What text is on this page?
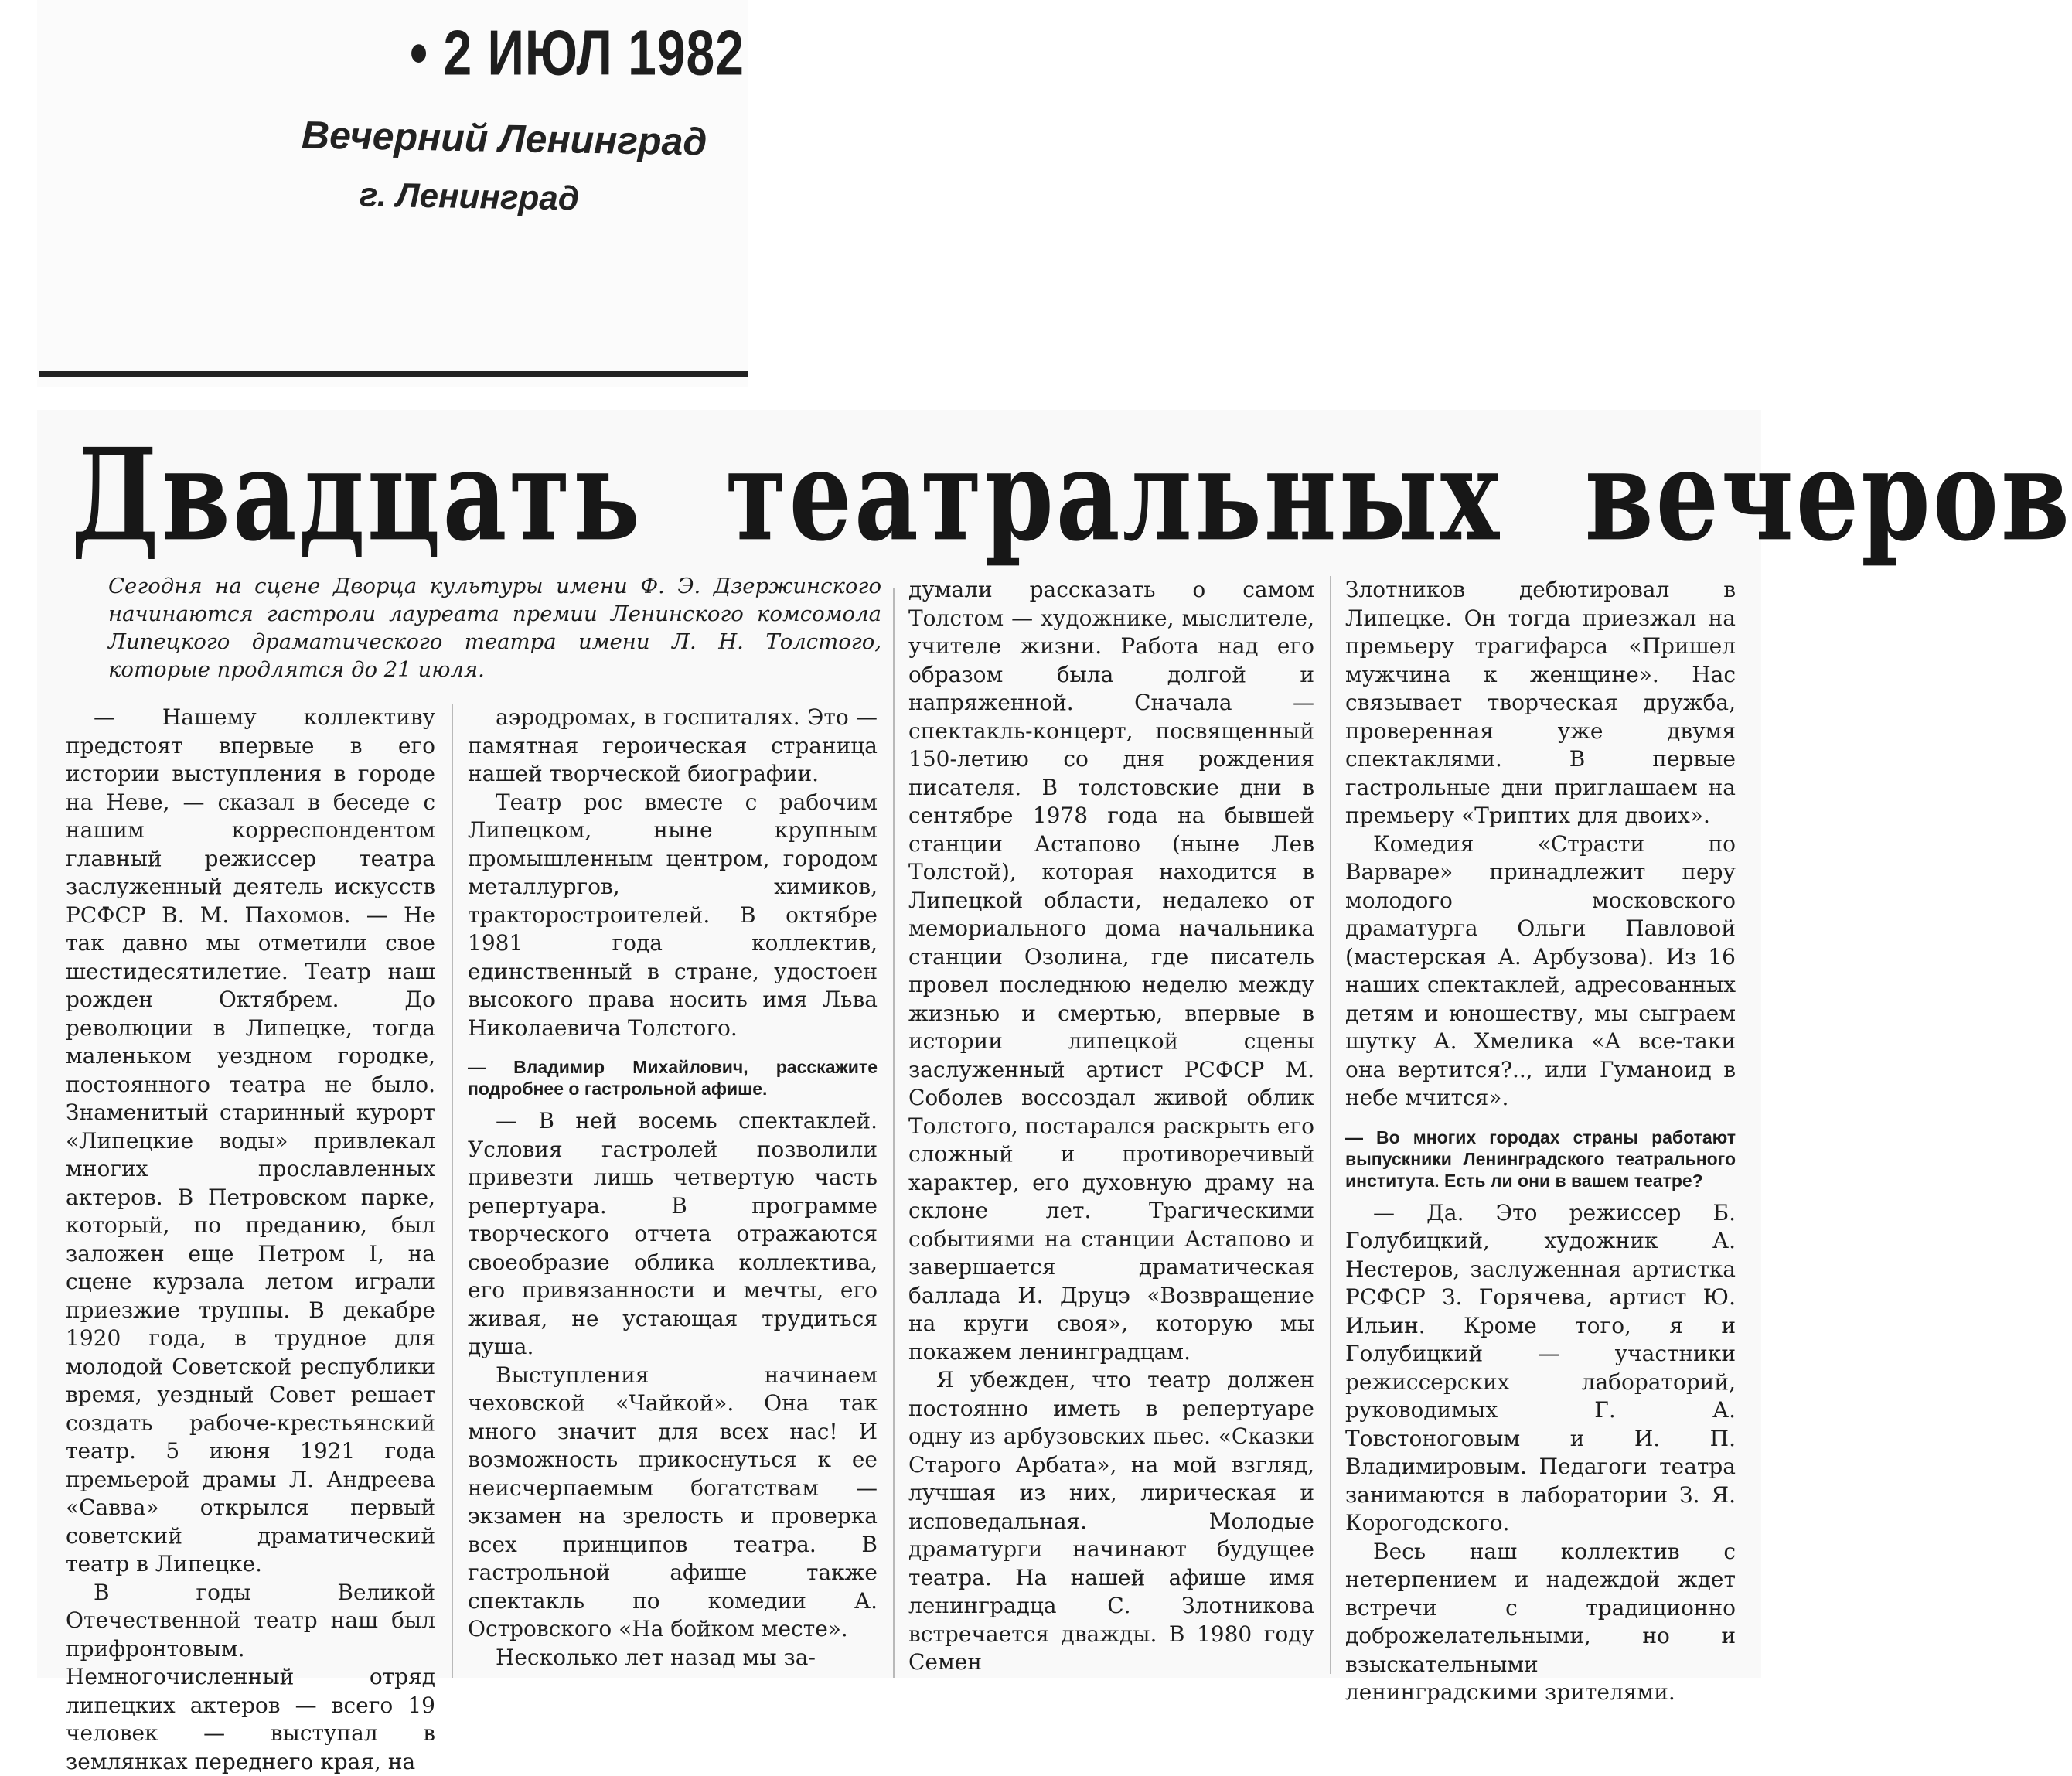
• 2 ИЮЛ 1982
Вечерний Ленинград
г. Ленинград
Двадцать театральных вечеров
Сегодня на сцене Дворца культуры имени Ф. Э. Дзержинского начинаются гастроли лауреата премии Ленинского комсомола Липецкого драматического театра имени Л. Н. Толстого, которые продлятся до 21 июля.

— Нашему коллективу предстоят впервые в его истории выступления в городе на Неве, — сказал в беседе с нашим корреспондентом главный режиссер театра заслуженный деятель искусств РСФСР В. М. Пахомов. — Не так давно мы отметили свое шестидесятилетие. Театр наш рожден Октябрем. До революции в Липецке, тогда маленьком уездном городке, постоянного театра не было. Знаменитый старинный курорт «Липецкие воды» привлекал многих прославленных актеров. В Петровском парке, который, по преданию, был заложен еще Петром I, на сцене курзала летом играли приезжие труппы. В декабре 1920 года, в трудное для молодой Советской республики время, уездный Совет решает создать рабоче-крестьянский театр. 5 июня 1921 года премьерой драмы Л. Андреева «Савва» открылся первый советский драматический театр в Липецке.

В годы Великой Отечественной театр наш был прифронтовым. Немногочисленный отряд липецких актеров — всего 19 человек — выступал в землянках переднего края, на

аэродромах, в госпиталях. Это — памятная героическая страница нашей творческой биографии.

Театр рос вместе с рабочим Липецком, ныне крупным промышленным центром, городом металлургов, химиков, тракторостроителей. В октябре 1981 года коллектив, единственный в стране, удостоен высокого права носить имя Льва Николаевича Толстого.

— Владимир Михайлович, расскажите подробнее о гастрольной афише.

— В ней восемь спектаклей. Условия гастролей позволили привезти лишь четвертую часть репертуара. В программе творческого отчета отражаются своеобразие облика коллектива, его привязанности и мечты, его живая, не устающая трудиться душа.

Выступления начинаем чеховской «Чайкой». Она так много значит для всех нас! И возможность прикоснуться к ее неисчерпаемым богатствам — экзамен на зрелость и проверка всех принципов театра. В гастрольной афише также спектакль по комедии А. Островского «На бойком месте».

Несколько лет назад мы за-

думали рассказать о самом Толстом — художнике, мыслителе, учителе жизни. Работа над его образом была долгой и напряженной. Сначала — спектакль-концерт, посвященный 150-летию со дня рождения писателя. В толстовские дни в сентябре 1978 года на бывшей станции Астапово (ныне Лев Толстой), которая находится в Липецкой области, недалеко от мемориального дома начальника станции Озолина, где писатель провел последнюю неделю между жизнью и смертью, впервые в истории липецкой сцены заслуженный артист РСФСР М. Соболев воссоздал живой облик Толстого, постарался раскрыть его сложный и противоречивый характер, его духовную драму на склоне лет. Трагическими событиями на станции Астапово и завершается драматическая баллада И. Друцэ «Возвращение на круги своя», которую мы покажем ленинградцам.

Я убежден, что театр должен постоянно иметь в репертуаре одну из арбузовских пьес. «Сказки Старого Арбата», на мой взгляд, лучшая из них, лирическая и исповедальная. Молодые драматурги начинают будущее театра. На нашей афише имя ленинградца С. Злотникова встречается дважды. В 1980 году Семен

Злотников дебютировал в Липецке. Он тогда приезжал на премьеру трагифарса «Пришел мужчина к женщине». Нас связывает творческая дружба, проверенная уже двумя спектаклями. В первые гастрольные дни приглашаем на премьеру «Триптих для двоих».

Комедия «Страсти по Варваре» принадлежит перу молодого московского драматурга Ольги Павловой (мастерская А. Арбузова). Из 16 наших спектаклей, адресованных детям и юношеству, мы сыграем шутку А. Хмелика «А все-таки она вертится?.., или Гуманоид в небе мчится».

— Во многих городах страны работают выпускники Ленинградского театрального института. Есть ли они в вашем театре?

— Да. Это режиссер Б. Голубицкий, художник А. Нестеров, заслуженная артистка РСФСР З. Горячева, артист Ю. Ильин. Кроме того, я и Голубицкий — участники режиссерских лабораторий, руководимых Г. А. Товстоноговым и И. П. Владимировым. Педагоги театра занимаются в лаборатории З. Я. Корогодского.

Весь наш коллектив с нетерпением и надеждой ждет встречи с традиционно доброжелательными, но и взыскательными ленинградскими зрителями.
